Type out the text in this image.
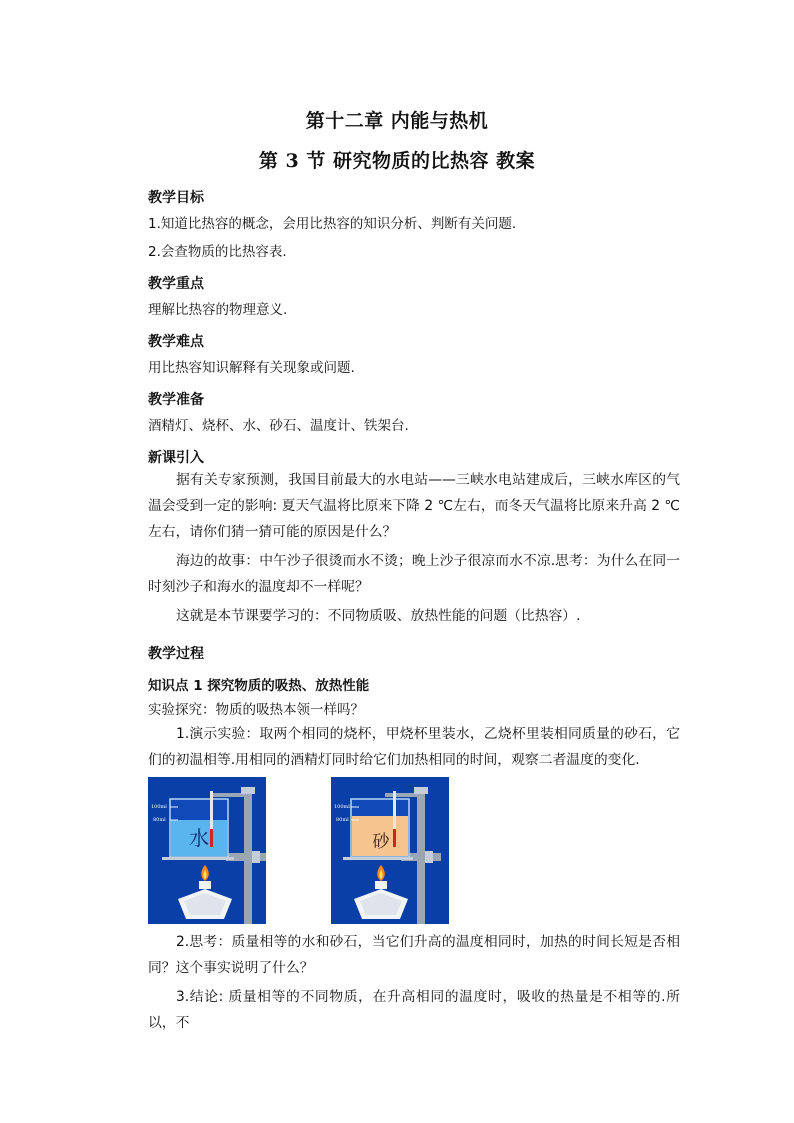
第十二章 内能与热机
第 3 节 研究物质的比热容 教案
教学目标
1.知道比热容的概念，会用比热容的知识分析、判断有关问题.
2.会查物质的比热容表.
教学重点
理解比热容的物理意义.
教学难点
用比热容知识解释有关现象或问题.
教学准备
酒精灯、烧杯、水、砂石、温度计、铁架台.
新课引入
据有关专家预测，我国目前最大的水电站——三峡水电站建成后，三峡水库区的气温会受到一定的影响: 夏天气温将比原来下降 2 ℃左右，而冬天气温将比原来升高 2 ℃左右，请你们猜一猜可能的原因是什么？
海边的故事：中午沙子很烫而水不烫；晚上沙子很凉而水不凉.思考：为什么在同一时刻沙子和海水的温度却不一样呢？
这就是本节课要学习的：不同物质吸、放热性能的问题（比热容）.
教学过程
知识点 1 探究物质的吸热、放热性能
实验探究：物质的吸热本领一样吗？
1.演示实验：取两个相同的烧杯，甲烧杯里装水，乙烧杯里装相同质量的砂石，它们的初温相等.用相同的酒精灯同时给它们加热相同的时间，观察二者温度的变化.
100ml
80ml
水
100ml
80ml
砂
2.思考：质量相等的水和砂石，当它们升高的温度相同时，加热的时间长短是否相同？这个事实说明了什么？
3.结论: 质量相等的不同物质，在升高相同的温度时，吸收的热量是不相等的.所以，不
